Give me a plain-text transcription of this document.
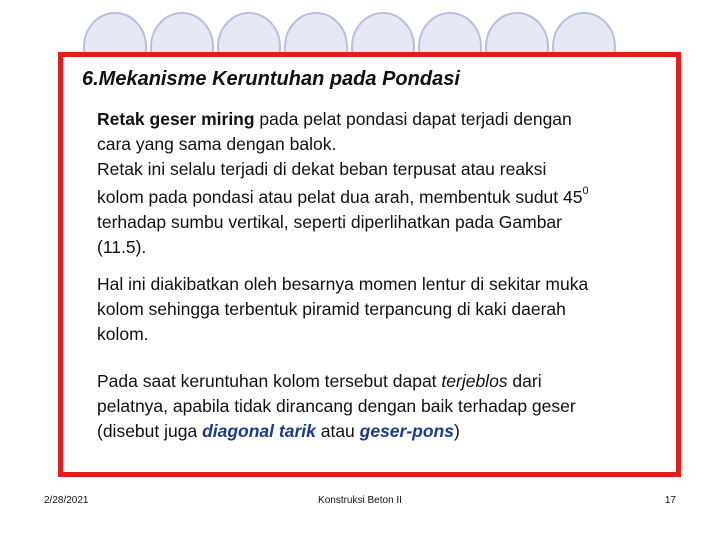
6.Mekanisme Keruntuhan pada Pondasi
Retak geser miring pada pelat pondasi dapat terjadi dengan
cara yang sama dengan balok.
Retak ini selalu terjadi di dekat beban terpusat atau reaksi
kolom pada pondasi atau pelat dua arah, membentuk sudut $45^0$
terhadap sumbu vertikal, seperti diperlihatkan pada Gambar
(11.5).
Hal ini diakibatkan oleh besarnya momen lentur di sekitar muka
kolom sehingga terbentuk piramid terpancung di kaki daerah
kolom.
Pada saat keruntuhan kolom tersebut dapat terjeblos dari
pelatnya, apabila tidak dirancang dengan baik terhadap geser
(disebut juga diagonal tarik atau geser-pons)
2/28/2021	Konstruksi Beton II	17
